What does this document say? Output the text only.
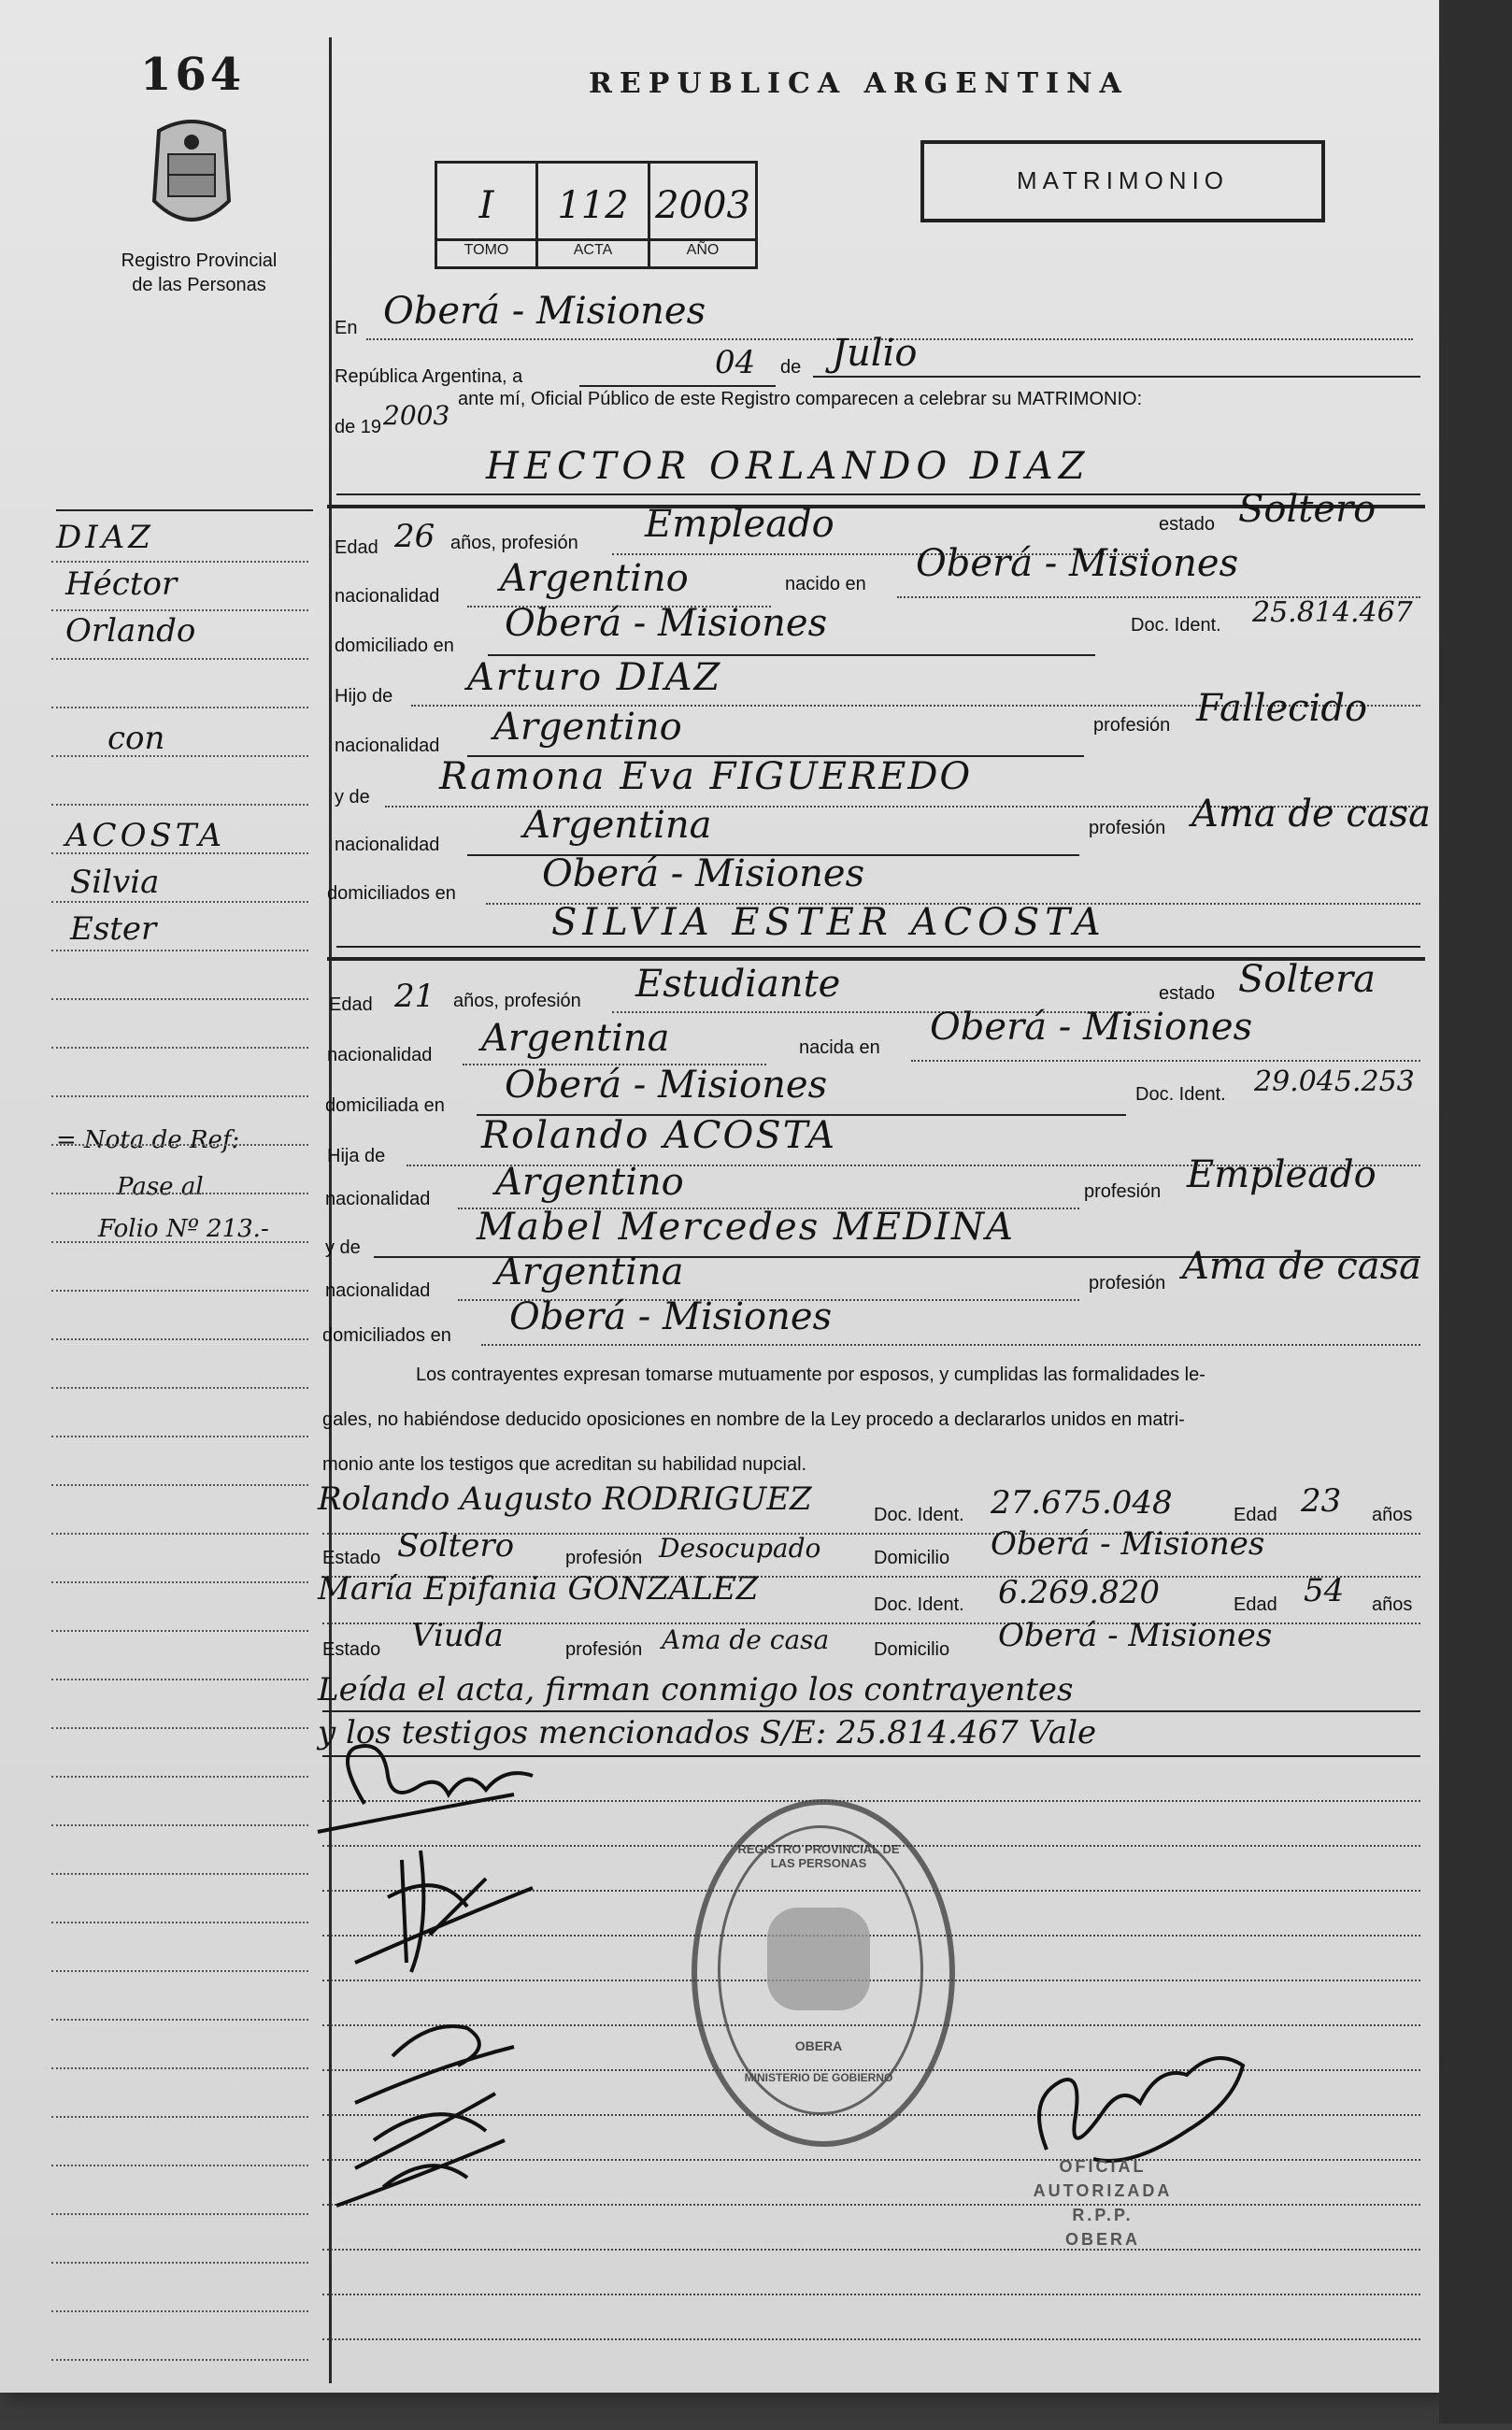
164
Registro Provincial
de las Personas
REPUBLICA ARGENTINA
MATRIMONIO
I	112 2003
TOMO	ACTA	AÑO
En Oberá - Misiones
República Argentina, a	04 de Julio
de 19 2003
ante mí, Oficial Público de este Registro comparecen a celebrar su MATRIMONIO:
HECTOR ORLANDO DIAZ
Edad 26 años, profesión Empleado	estado Soltero
nacionalidad Argentino	nacido en Oberá - Misiones
domiciliado en
Oberá - Misiones	Doc. Ident. 25.814.467
Hijo de Arturo DIAZ
nacionalidad Argentino	profesión Fallecido
y de Ramona Eva FIGUEREDO
nacionalidad Argentina	profesión Ama de casa
domiciliados en Oberá - Misiones
SILVIA ESTER ACOSTA
Edad 21 años, profesión Estudiante	estado Soltera
nacionalidad Argentina	nacida en Oberá - Misiones
domiciliada en Oberá - Misiones	Doc. Ident. 29.045.253
Hija de	Rolando ACOSTA
nacionalidad Argentino	profesión Empleado
y de	Mabel Mercedes MEDINA
nacionalidad Argentina	profesión Ama de casa
domiciliados en Oberá - Misiones
Los contrayentes expresan tomarse mutuamente por esposos, y cumplidas las formalidades le-
gales, no habiéndose deducido oposiciones en nombre de la Ley procedo a declararlos unidos en matri-
monio ante los testigos que acreditan su habilidad nupcial.
Rolando Augusto RODRIGUEZ	Doc. Ident. 27.675.048	Edad 23 años
Estado Soltero	profesión Desocupado	Domicilio Oberá - Misiones
María Epifania GONZALEZ	Doc. Ident. 6.269.820	Edad 54 años
Estado Viuda	profesión Ama de casa Domicilio Oberá - Misiones
Leída el acta, firman conmigo los contrayentes
y los testigos mencionados S/E: 25.814.467 Vale
REGISTRO PROVINCIAL DE LAS PERSONAS
OBERA
MINISTERIO DE GOBIERNO
OFICIAL
AUTORIZADA
R.P.P.
OBERA
DIAZ
Héctor
Orlando
con
ACOSTA
Silvia
Ester
= Nota de Ref:
Pase al
Folio Nº 213.-
